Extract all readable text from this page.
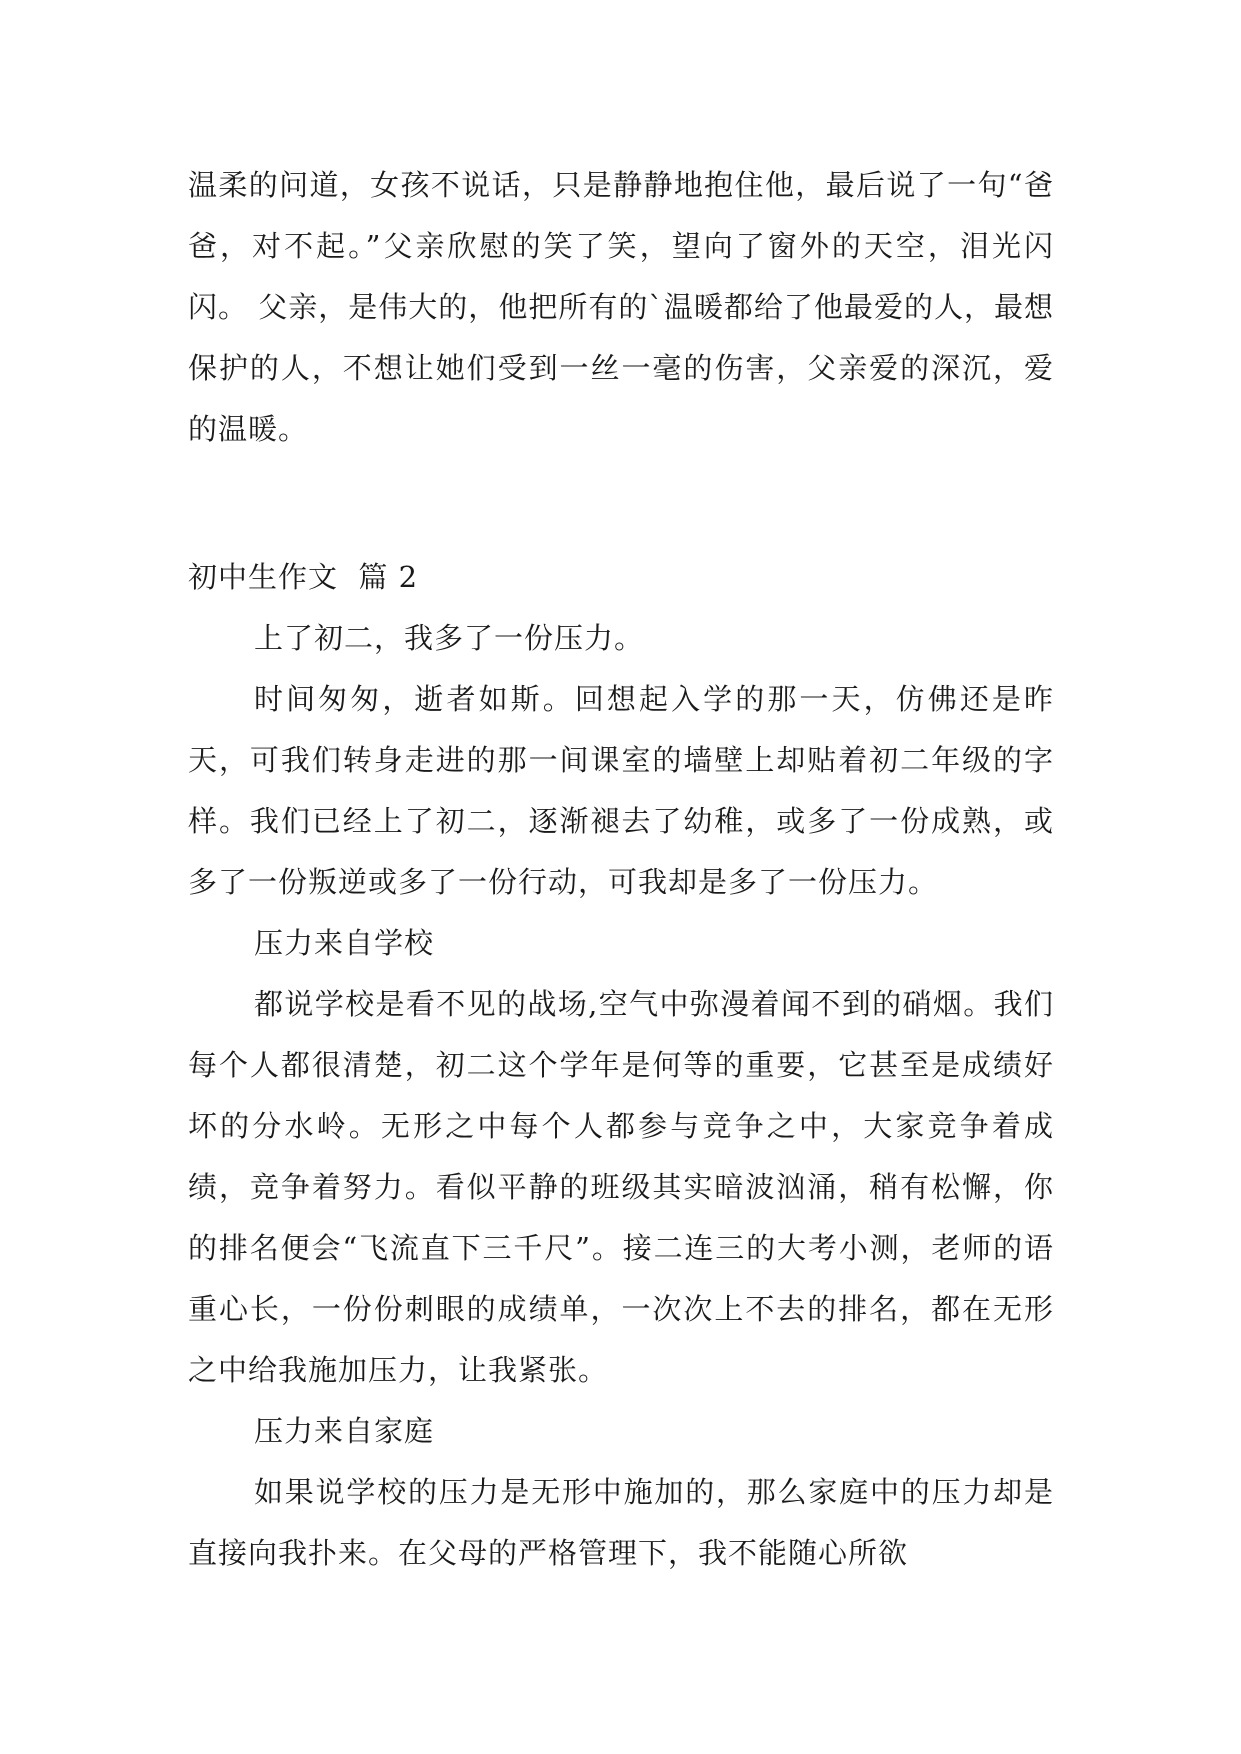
温柔的问道，女孩不说话，只是静静地抱住他，最后说了一句“爸爸，对不起。”父亲欣慰的笑了笑，望向了窗外的天空，泪光闪闪。 父亲，是伟大的，他把所有的`温暖都给了他最爱的人，最想保护的人，不想让她们受到一丝一毫的伤害，父亲爱的深沉，爱的温暖。

初中生作文  篇 2

上了初二，我多了一份压力。

时间匆匆，逝者如斯。回想起入学的那一天，仿佛还是昨天，可我们转身走进的那一间课室的墙壁上却贴着初二年级的字样。我们已经上了初二，逐渐褪去了幼稚，或多了一份成熟，或多了一份叛逆或多了一份行动，可我却是多了一份压力。

压力来自学校

都说学校是看不见的战场,空气中弥漫着闻不到的硝烟。我们每个人都很清楚，初二这个学年是何等的重要，它甚至是成绩好坏的分水岭。无形之中每个人都参与竞争之中，大家竞争着成绩，竞争着努力。看似平静的班级其实暗波汹涌，稍有松懈，你的排名便会“飞流直下三千尺”。接二连三的大考小测，老师的语重心长，一份份刺眼的成绩单，一次次上不去的排名，都在无形之中给我施加压力，让我紧张。

压力来自家庭

如果说学校的压力是无形中施加的，那么家庭中的压力却是直接向我扑来。在父母的严格管理下，我不能随心所欲
